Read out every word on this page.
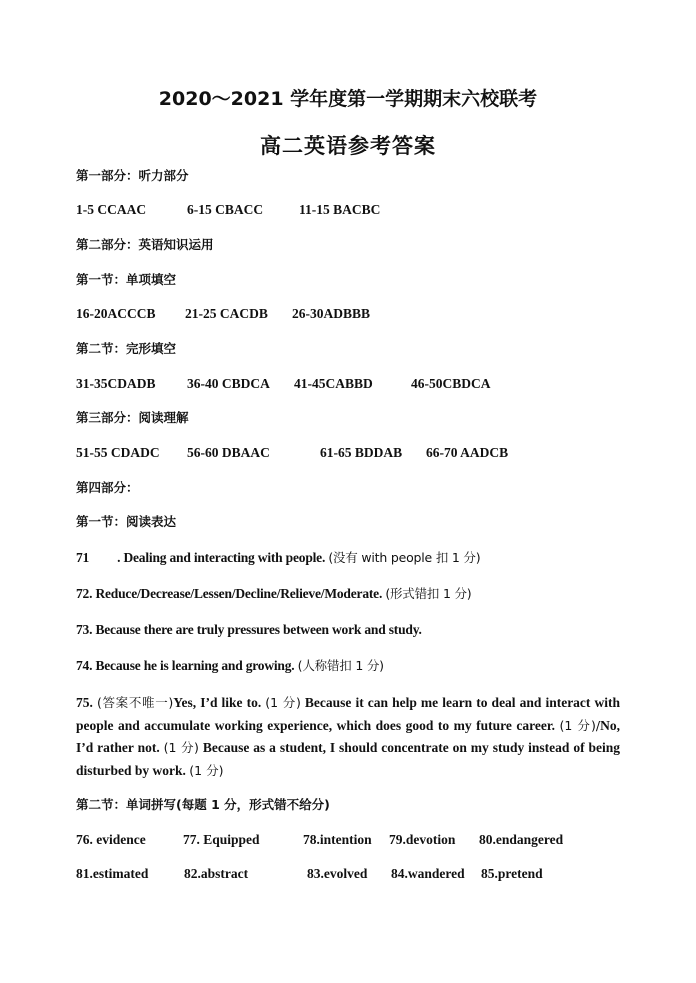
2020～2021 学年度第一学期期末六校联考
高二英语参考答案
第一部分：听力部分
1-5 CCAAC	6-15 CBACC	11-15 BACBC
第二部分：英语知识运用
第一节：单项填空
16-20ACCCB 21-25 CACDB 26-30ADBBB
第二节：完形填空
31-35CDADB 36-40 CBDCA 41-45CABBD	46-50CBDCA
第三部分：阅读理解
51-55 CDADC 56-60 DBAAC	61-65 BDDAB 66-70 AADCB
第四部分：
第一节：阅读表达
71 . Dealing and interacting with people. (没有 with people 扣 1 分)
72. Reduce/Decrease/Lessen/Decline/Relieve/Moderate. (形式错扣 1 分)
73. Because there are truly pressures between work and study.
74. Because he is learning and growing. (人称错扣 1 分)
75. (答案不唯一)Yes, I’d like to. (1 分) Because it can help me learn to deal and interact with people and accumulate working experience, which does good to my future career. (1 分)/No, I’d rather not. (1 分) Because as a student, I should concentrate on my study instead of being disturbed by work. (1 分)
第二节：单词拼写(每题 1 分，形式错不给分)
76. evidence	77. Equipped	78.intention 79.devotion 80.endangered
81.estimated	82.abstract	83.evolved 84.wandered 85.pretend
